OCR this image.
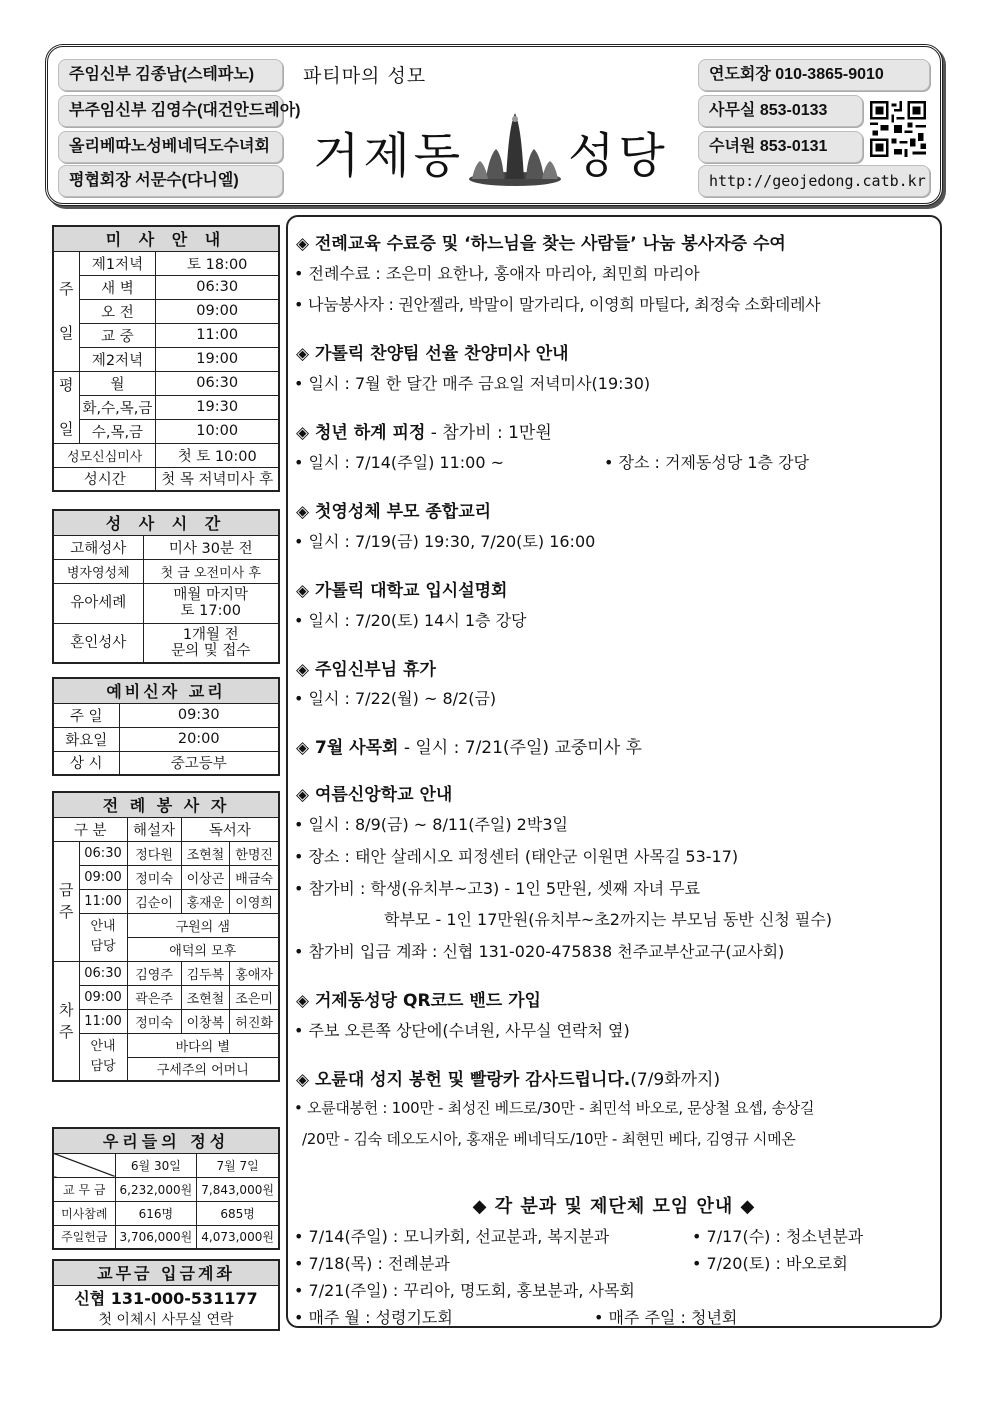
주임신부 김종남(스테파노)
부주임신부 김영수(대건안드레아)
올리베따노성베네딕도수녀회
평협회장 서문수(다니엘)
파티마의 성모
거제동 성당
연도회장 010-3865-9010
사무실 853-0133
수녀원 853-0131
http://geojedong.catb.kr
미 사 안 내		
주

일	제1저녁	토 18:00
	새 벽	06:30
	오 전	09:00
	교 중	11:00
	제2저녁	19:00
평

일	월	06:30
	화,수,목,금	19:30
	수,목,금	10:00
성모신심미사		첫 토 10:00
성시간		첫 목 저녁미사 후
성 사 시 간	
고해성사	미사 30분 전
병자영성체	첫 금 오전미사 후
유아세례	매월 마지막
토 17:00
혼인성사	1개월 전
문의 및 접수
예비신자 교리	
주 일	09:30
화요일	20:00
상 시	중고등부
전 례 봉 사 자				
구 분		해설자	독서자	
금
주	06:30	정다원	조현철	한명진
	09:00	정미숙	이상곤	배금숙
	11:00	김순이	홍재운	이영희
	안내
담당	구원의 샘		
		애덕의 모후		
차
주	06:30	김영주	김두복	홍애자
	09:00	곽은주	조현철	조은미
	11:00	정미숙	이창복	허진화
	안내
담당	바다의 별		
		구세주의 어머니		
우리들의 정성		
	6월 30일	7월 7일
교 무 금	6,232,000원	7,843,000원
미사참례	616명	685명
주일헌금	3,706,000원	4,073,000원
교무금 입금계좌
신협 131-000-531177
첫 이체시 사무실 연락
◈ 전례교육 수료증 및 ‘하느님을 찾는 사람들’ 나눔 봉사자증 수여
• 전례수료 : 조은미 요한나, 홍애자 마리아, 최민희 마리아
• 나눔봉사자 : 권안젤라, 박말이 말가리다, 이영희 마틸다, 최정숙 소화데레사
◈ 가톨릭 찬양팀 선율 찬양미사 안내
• 일시 : 7월 한 달간 매주 금요일 저녁미사(19:30)
◈ 청년 하계 피정 - 참가비 : 1만원
• 일시 : 7/14(주일) 11:00 ~	• 장소 : 거제동성당 1층 강당
◈ 첫영성체 부모 종합교리
• 일시 : 7/19(금) 19:30, 7/20(토) 16:00
◈ 가톨릭 대학교 입시설명회
• 일시 : 7/20(토) 14시 1층 강당
◈ 주임신부님 휴가
• 일시 : 7/22(월) ~ 8/2(금)
◈ 7월 사목회 - 일시 : 7/21(주일) 교중미사 후
◈ 여름신앙학교 안내
• 일시 : 8/9(금) ~ 8/11(주일) 2박3일
• 장소 : 태안 살레시오 피정센터 (태안군 이원면 사목길 53-17)
• 참가비 : 학생(유치부~고3) - 1인 5만원, 셋째 자녀 무료
학부모 - 1인 17만원(유치부~초2까지는 부모님 동반 신청 필수)
• 참가비 입금 계좌 : 신협 131-020-475838 천주교부산교구(교사회)
◈ 거제동성당 QR코드 밴드 가입
• 주보 오른쪽 상단에(수녀원, 사무실 연락처 옆)
◈ 오륜대 성지 봉헌 및 빨랑카 감사드립니다.(7/9화까지)
• 오륜대봉헌 : 100만 - 최성진 베드로/30만 - 최민석 바오로, 문상철 요셉, 송상길
/20만 - 김숙 데오도시아, 홍재운 베네딕도/10만 - 최현민 베다, 김영규 시메온
◆ 각 분과 및 제단체 모임 안내 ◆
• 7/14(주일) : 모니카회, 선교분과, 복지분과	• 7/17(수) : 청소년분과
• 7/18(목) : 전례분과	• 7/20(토) : 바오로회
• 7/21(주일) : 꾸리아, 명도회, 홍보분과, 사목회
• 매주 월 : 성령기도회	• 매주 주일 : 청년회
